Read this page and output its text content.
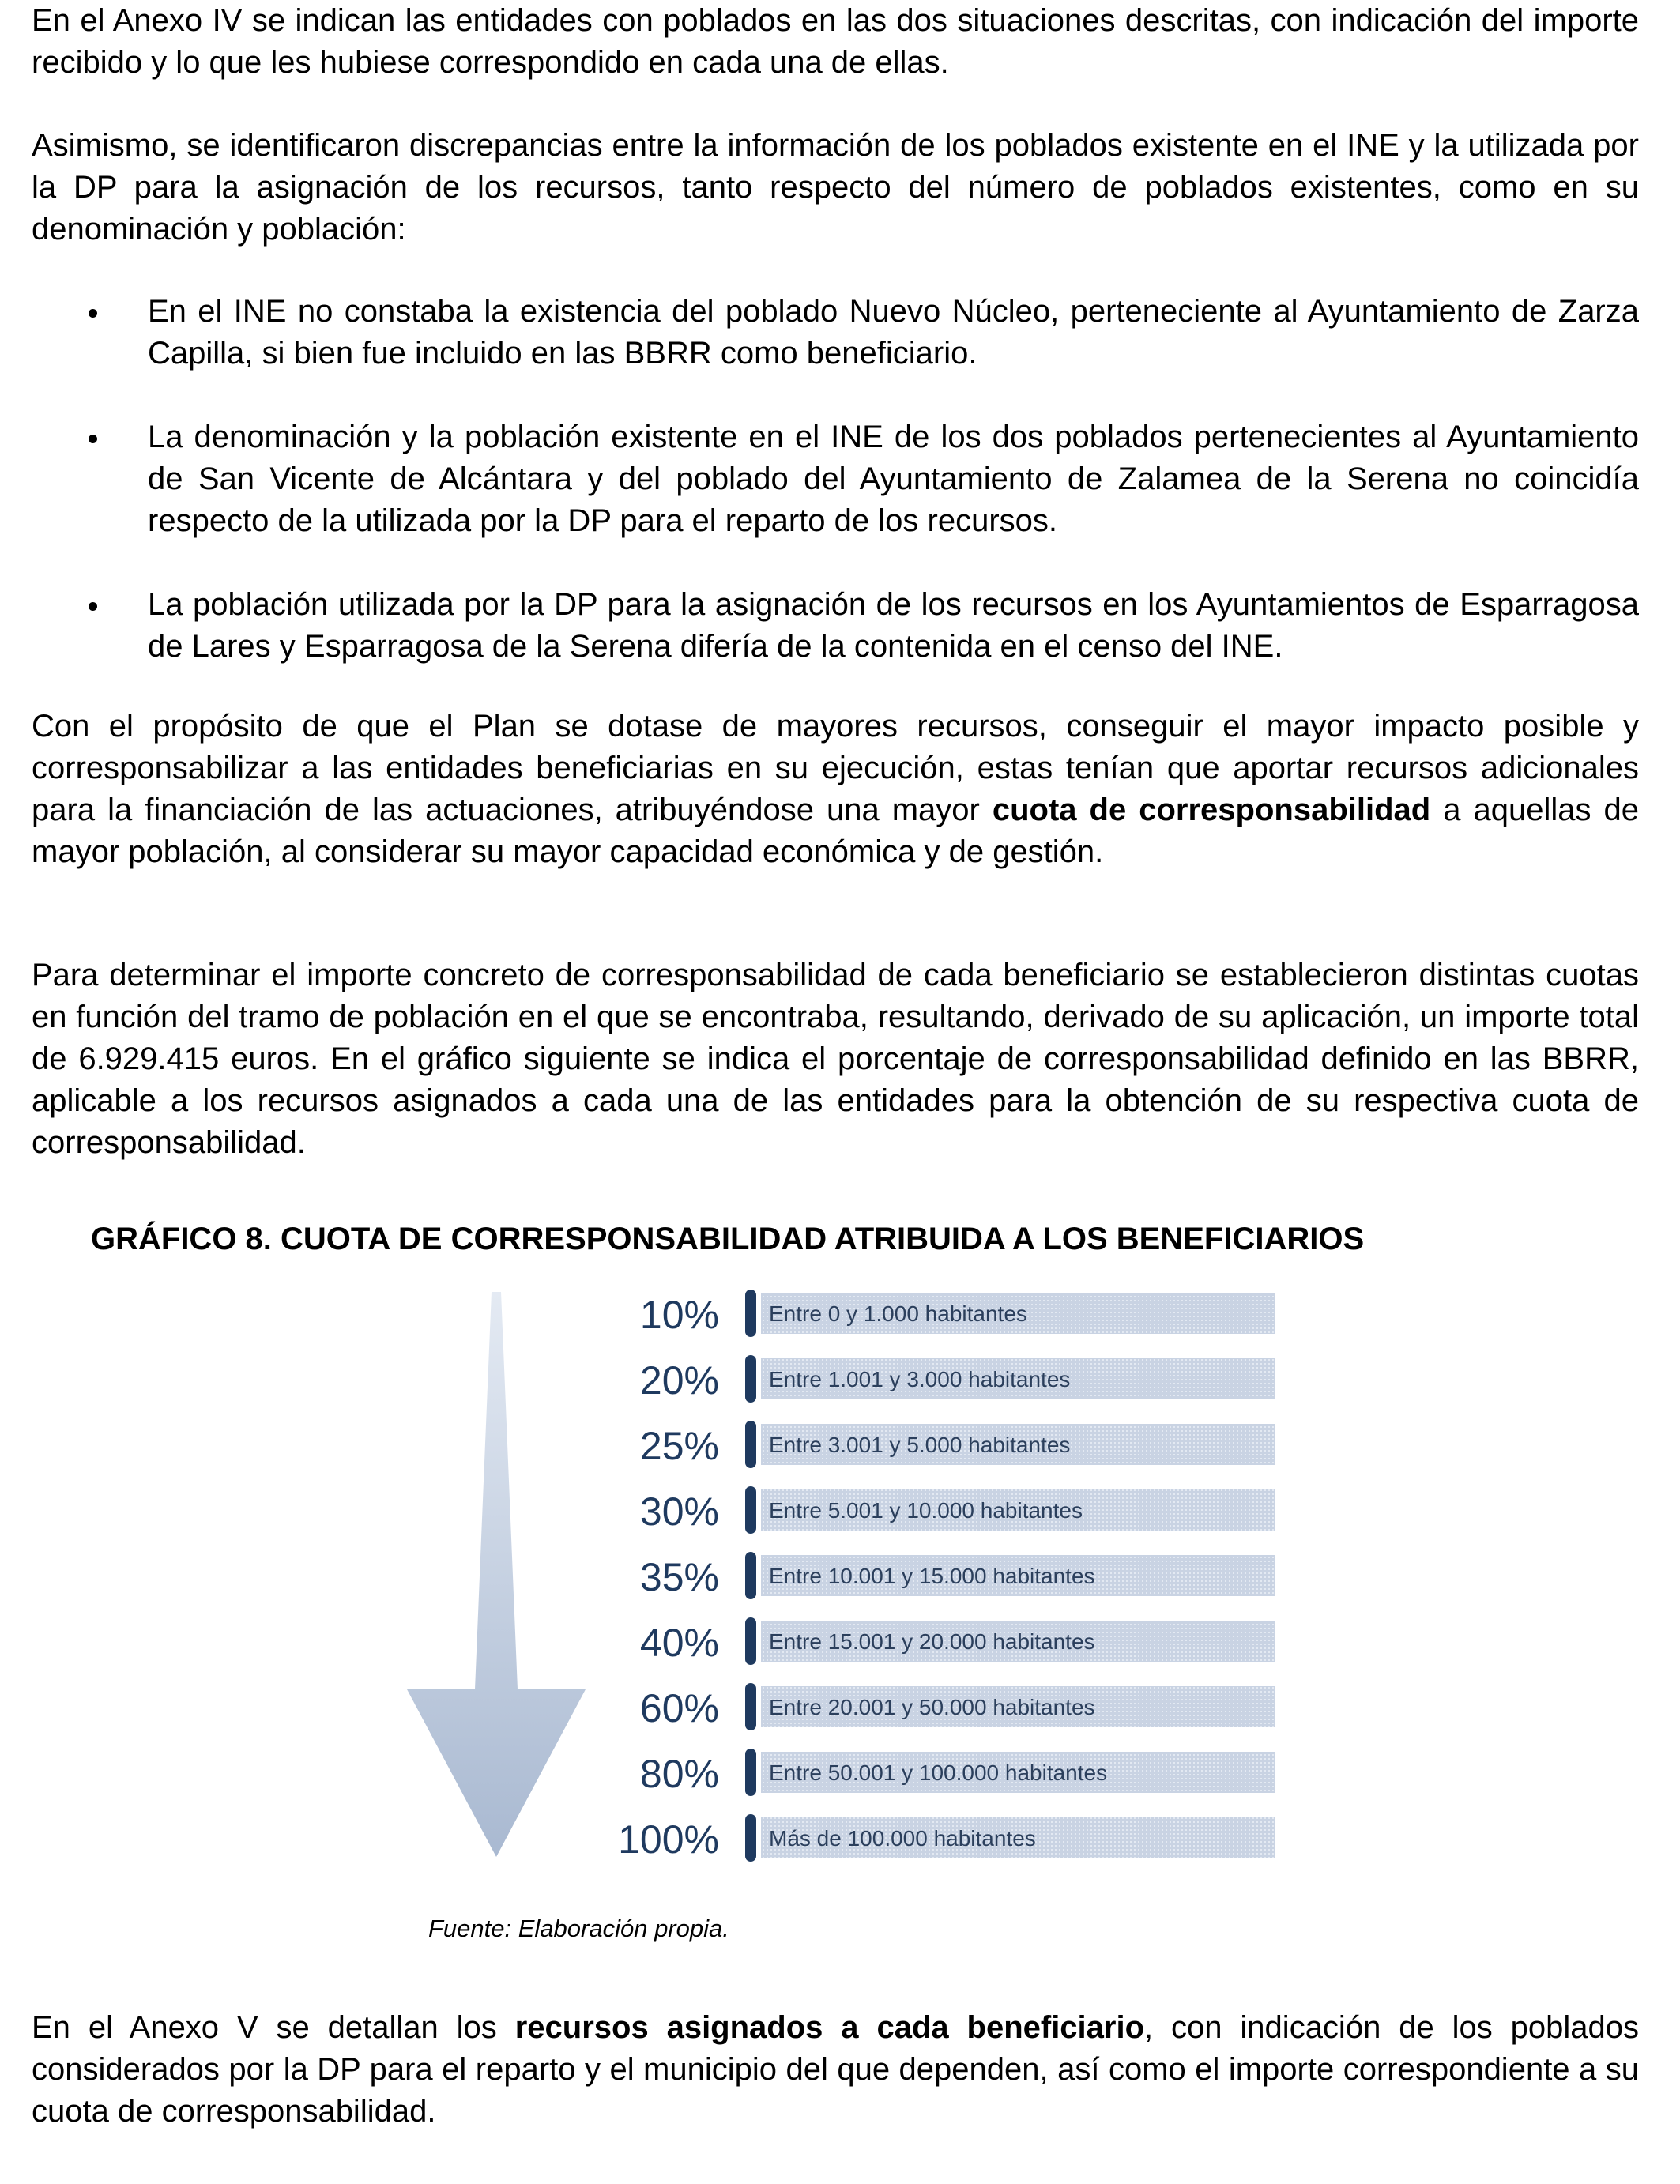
En el Anexo IV se indican las entidades con poblados en las dos situaciones descritas, con indicación del importe recibido y lo que les hubiese correspondido en cada una de ellas.

Asimismo, se identificaron discrepancias entre la información de los poblados existente en el INE y la utilizada por la DP para la asignación de los recursos, tanto respecto del número de poblados existentes, como en su denominación y población:

En el INE no constaba la existencia del poblado Nuevo Núcleo, perteneciente al Ayuntamiento de Zarza Capilla, si bien fue incluido en las BBRR como beneficiario.
La denominación y la población existente en el INE de los dos poblados pertenecientes al Ayuntamiento de San Vicente de Alcántara y del poblado del Ayuntamiento de Zalamea de la Serena no coincidía respecto de la utilizada por la DP para el reparto de los recursos.
La población utilizada por la DP para la asignación de los recursos en los Ayuntamientos de Esparragosa de Lares y Esparragosa de la Serena difería de la contenida en el censo del INE.

Con el propósito de que el Plan se dotase de mayores recursos, conseguir el mayor impacto posible y corresponsabilizar a las entidades beneficiarias en su ejecución, estas tenían que aportar recursos adicionales para la financiación de las actuaciones, atribuyéndose una mayor cuota de corresponsabilidad a aquellas de mayor población, al considerar su mayor capacidad económica y de gestión.

Para determinar el importe concreto de corresponsabilidad de cada beneficiario se establecieron distintas cuotas en función del tramo de población en el que se encontraba, resultando, derivado de su aplicación, un importe total de 6.929.415 euros. En el gráfico siguiente se indica el porcentaje de corresponsabilidad definido en las BBRR, aplicable a los recursos asignados a cada una de las entidades para la obtención de su respectiva cuota de corresponsabilidad.

GRÁFICO 8. CUOTA DE CORRESPONSABILIDAD ATRIBUIDA A LOS BENEFICIARIOS

En el Anexo V se detallan los recursos asignados a cada beneficiario, con indicación de los poblados considerados por la DP para el reparto y el municipio del que dependen, así como el importe correspondiente a su cuota de corresponsabilidad.

10% Entre 0 y 1.000 habitantes
20% Entre 1.001 y 3.000 habitantes
25% Entre 3.001 y 5.000 habitantes
30% Entre 5.001 y 10.000 habitantes
35% Entre 10.001 y 15.000 habitantes
40% Entre 15.001 y 20.000 habitantes
60% Entre 20.001 y 50.000 habitantes
80% Entre 50.001 y 100.000 habitantes
100% Más de 100.000 habitantes
Fuente: Elaboración propia.
